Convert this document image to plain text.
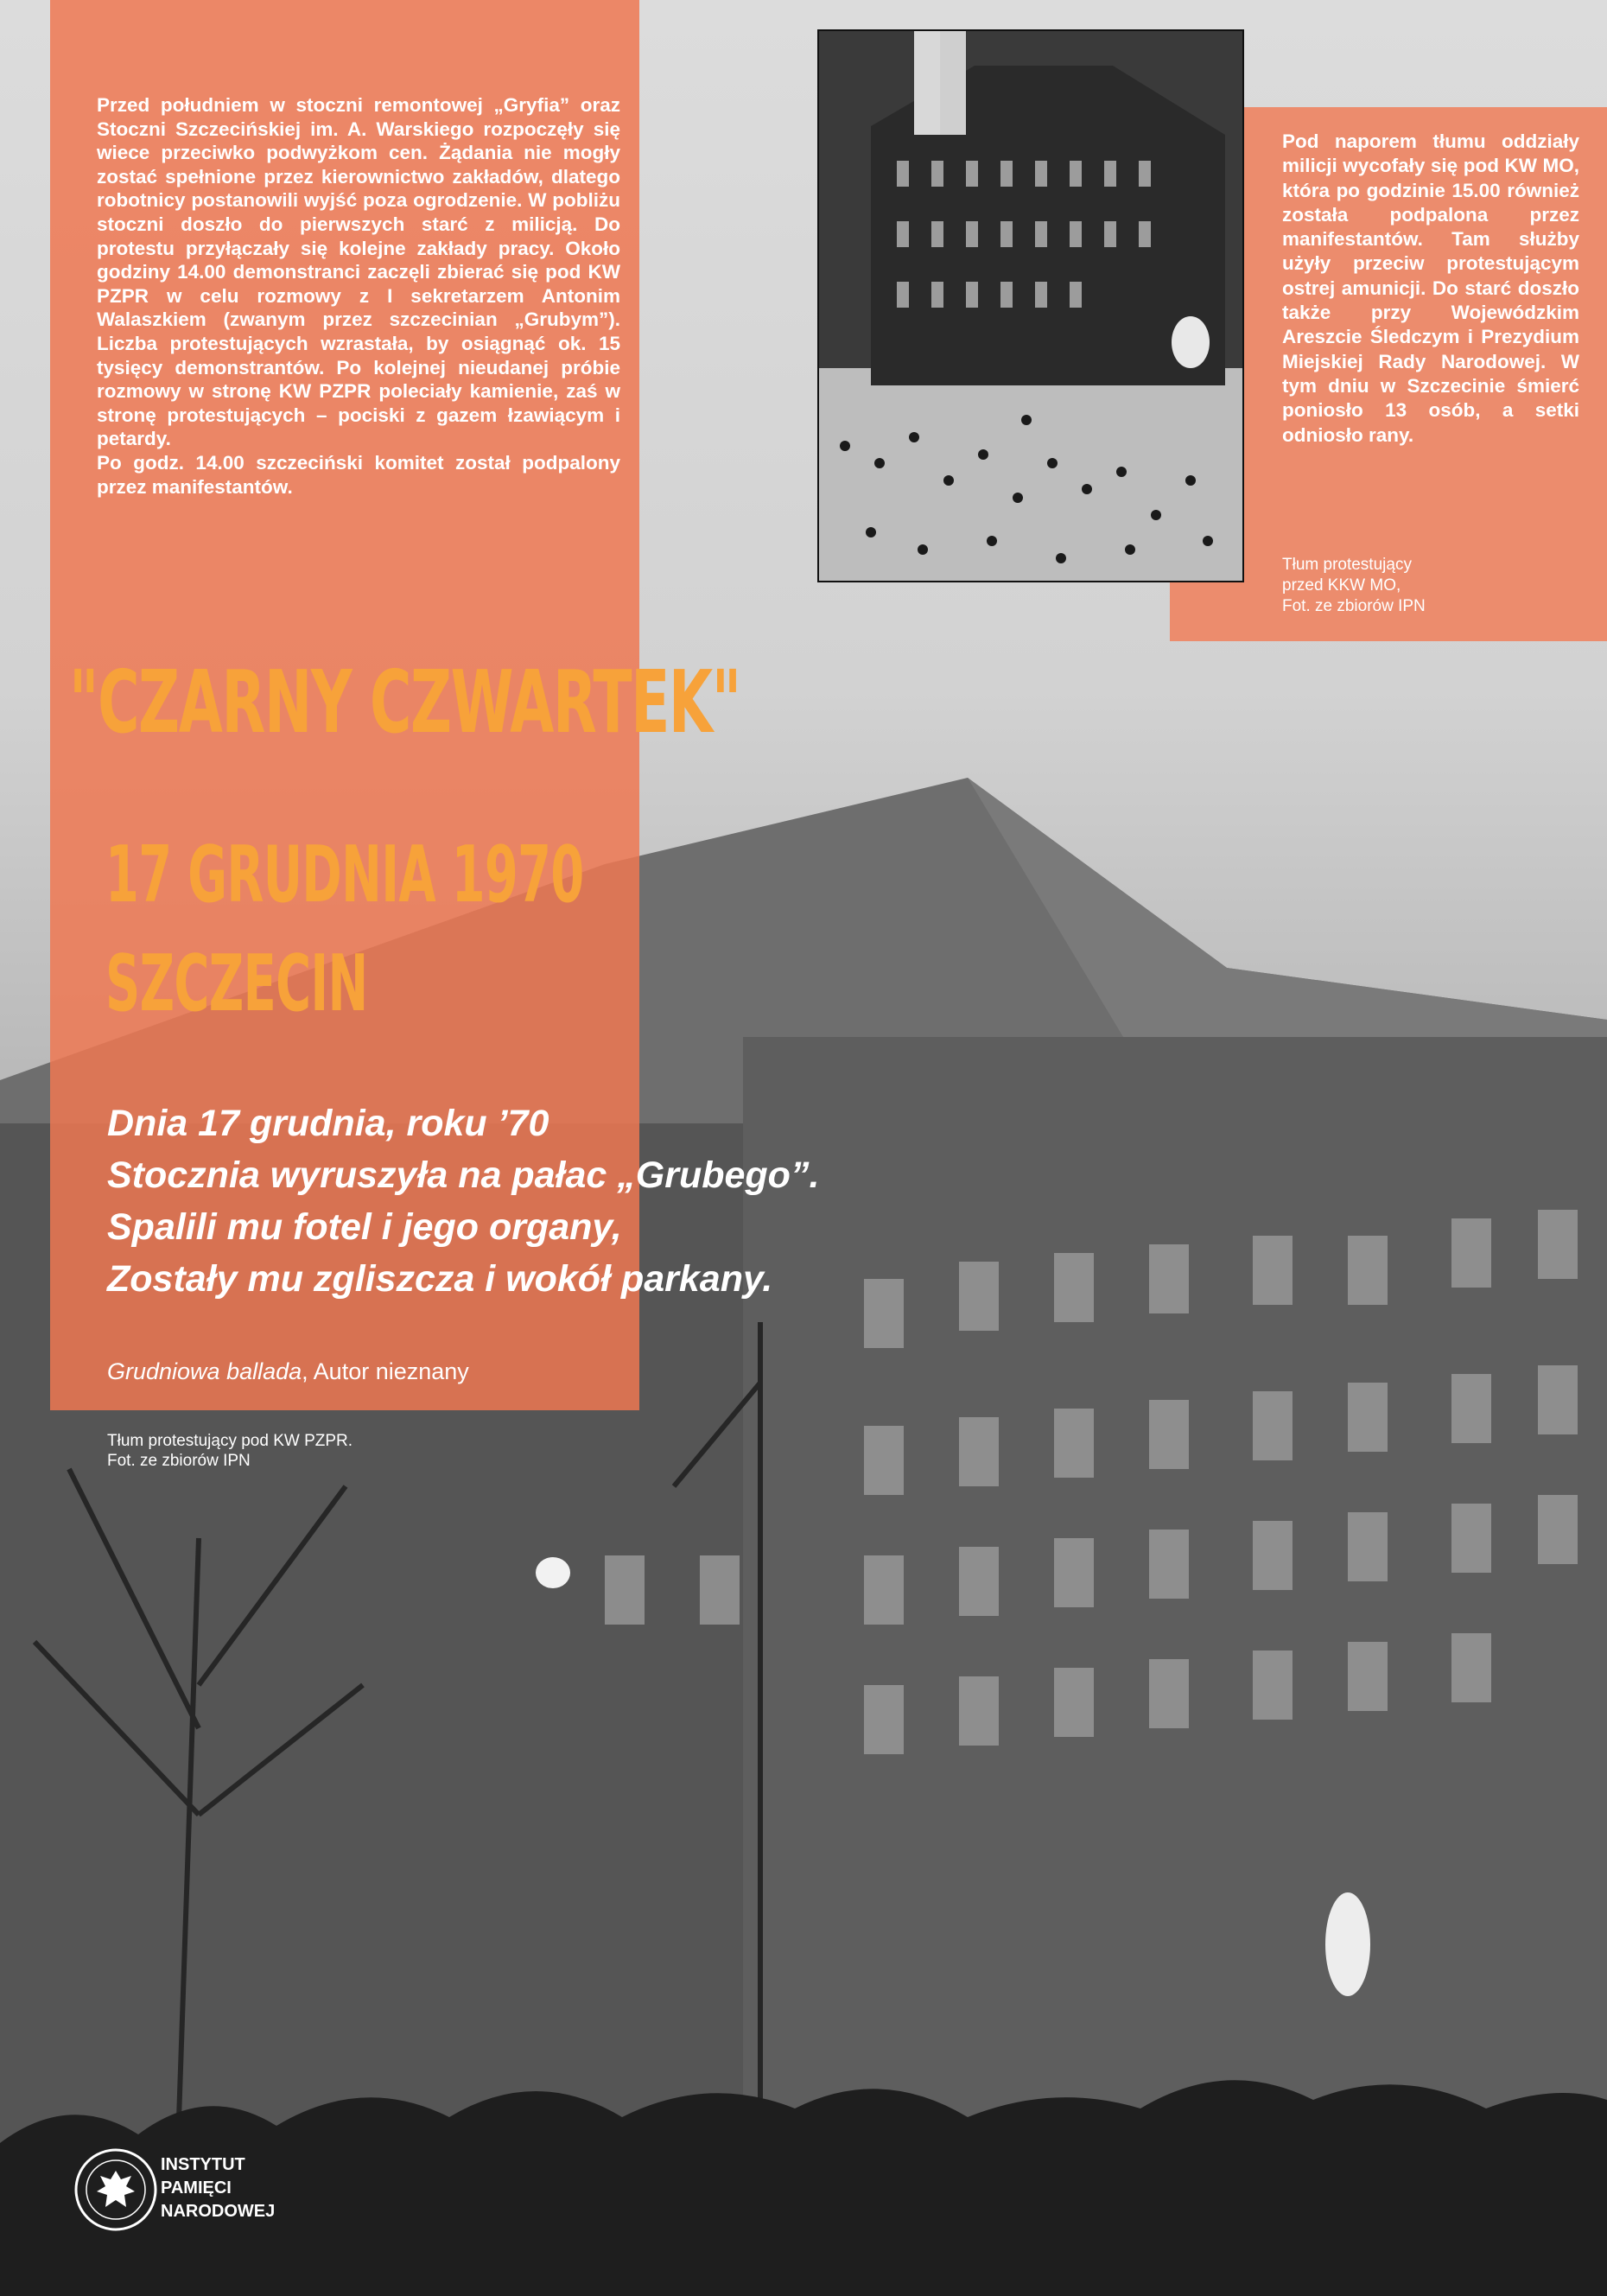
Przed południem w stoczni remontowej „Gryfia” oraz Stoczni Szczecińskiej im. A. Warskiego rozpoczęły się wiece przeciwko podwyżkom cen. Żądania nie mogły zostać spełnione przez kierownictwo zakładów, dlatego robotnicy postanowili wyjść poza ogrodzenie. W pobliżu stoczni doszło do pierwszych starć z milicją. Do protestu przyłączały się kolejne zakłady pracy. Około godziny 14.00 demonstranci zaczęli zbierać się pod KW PZPR w celu rozmowy z I sekretarzem Antonim Walaszkiem (zwanym przez szczecinian „Grubym”). Liczba protestujących wzrastała, by osiągnąć ok. 15 tysięcy demonstrantów. Po kolejnej nieudanej próbie rozmowy w stronę KW PZPR poleciały kamienie, zaś w stronę protestujących – pociski z gazem łzawiącym i petardy.

Po godz. 14.00 szczeciński komitet został podpalony przez manifestantów.

Pod naporem tłumu oddziały milicji wycofały się pod KW MO, która po godzinie 15.00 również została podpalona przez manifestantów. Tam służby użyły przeciw protestującym ostrej amunicji. Do starć doszło także przy Wojewódzkim Areszcie Śledczym i Prezydium Miejskiej Rady Narodowej. W tym dniu w Szczecinie śmierć poniosło 13 osób, a setki odniosło rany.
Tłum protestujący
przed KKW MO,
Fot. ze zbiorów IPN
"CZARNY CZWARTEK"
17 GRUDNIA 1970
SZCZECIN
Dnia 17 grudnia, roku ’70
Stocznia wyruszyła na pałac „Grubego”.
Spalili mu fotel i jego organy,
Zostały mu zgliszcza i wokół parkany.
Grudniowa ballada, Autor nieznany
Tłum protestujący pod KW PZPR.
Fot. ze zbiorów IPN
INSTYTUT
PAMIĘCI
NARODOWEJ
